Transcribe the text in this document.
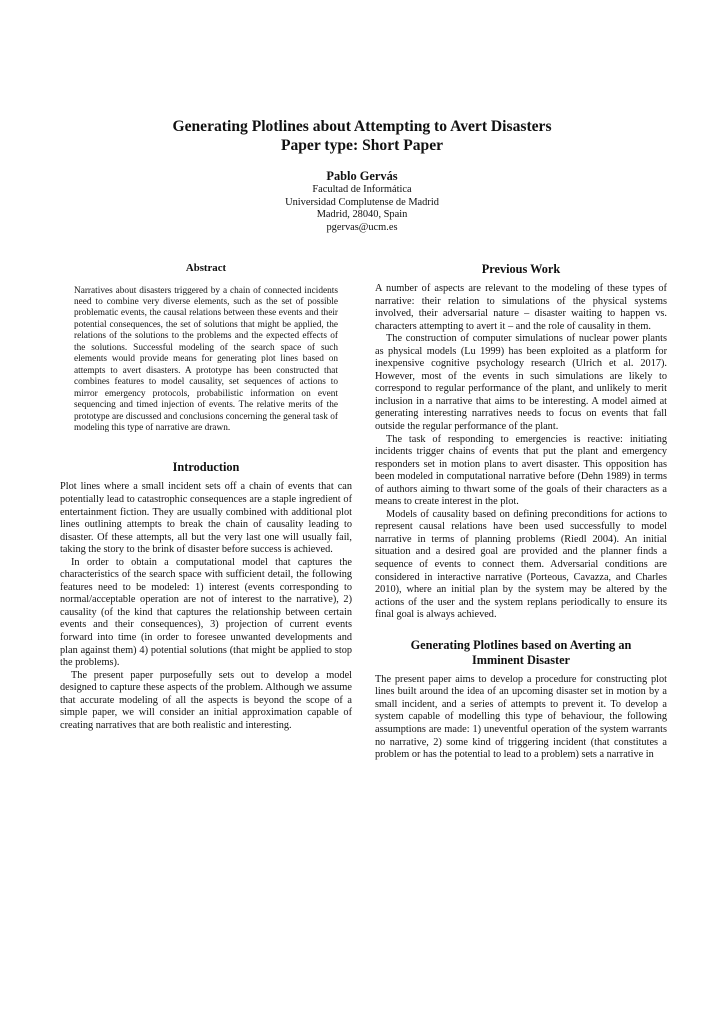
Generating Plotlines about Attempting to Avert Disasters
Paper type: Short Paper
Pablo Gervás
Facultad de Informática
Universidad Complutense de Madrid
Madrid, 28040, Spain
pgervas@ucm.es
Abstract
Narratives about disasters triggered by a chain of connected incidents need to combine very diverse elements, such as the set of possible problematic events, the causal relations between these events and their potential consequences, the set of solutions that might be applied, the relations of the solutions to the problems and the expected effects of the solutions. Successful modeling of the search space of such elements would provide means for generating plot lines based on attempts to avert disasters. A prototype has been constructed that combines features to model causality, set sequences of actions to mirror emergency protocols, probabilistic information on event sequencing and timed injection of events. The relative merits of the prototype are discussed and conclusions concerning the general task of modeling this type of narrative are drawn.
Introduction

Plot lines where a small incident sets off a chain of events that can potentially lead to catastrophic consequences are a staple ingredient of entertainment fiction. They are usually combined with additional plot lines outlining attempts to break the chain of causality leading to disaster. Of these attempts, all but the very last one will usually fail, taking the story to the brink of disaster before success is achieved.

In order to obtain a computational model that captures the characteristics of the search space with sufficient detail, the following features need to be modeled: 1) interest (events corresponding to normal/acceptable operation are not of interest to the narrative), 2) causality (of the kind that captures the relationship between certain events and their consequences), 3) projection of current events forward into time (in order to foresee unwanted developments and plan against them) 4) potential solutions (that might be applied to stop the problems).

The present paper purposefully sets out to develop a model designed to capture these aspects of the problem. Although we assume that accurate modeling of all the aspects is beyond the scope of a simple paper, we will consider an initial approximation capable of creating narratives that are both realistic and interesting.

Previous Work

A number of aspects are relevant to the modeling of these types of narrative: their relation to simulations of the physical systems involved, their adversarial nature – disaster waiting to happen vs. characters attempting to avert it – and the role of causality in them.

The construction of computer simulations of nuclear power plants as physical models (Lu 1999) has been exploited as a platform for inexpensive cognitive psychology research (Ulrich et al. 2017). However, most of the events in such simulations are likely to correspond to regular performance of the plant, and unlikely to merit inclusion in a narrative that aims to be interesting. A model aimed at generating interesting narratives needs to focus on events that fall outside the regular performance of the plant.

The task of responding to emergencies is reactive: initiating incidents trigger chains of events that put the plant and emergency responders set in motion plans to avert disaster. This opposition has been modeled in computational narrative before (Dehn 1989) in terms of authors aiming to thwart some of the goals of their characters as a means to create interest in the plot.

Models of causality based on defining preconditions for actions to represent causal relations have been used successfully to model narrative in terms of planning problems (Riedl 2004). An initial situation and a desired goal are provided and the planner finds a sequence of events to connect them. Adversarial conditions are considered in interactive narrative (Porteous, Cavazza, and Charles 2010), where an initial plan by the system may be altered by the actions of the user and the system replans periodically to ensure its final goal is always achieved.

Generating Plotlines based on Averting an
Imminent Disaster

The present paper aims to develop a procedure for constructing plot lines built around the idea of an upcoming disaster set in motion by a small incident, and a series of attempts to prevent it. To develop a system capable of modelling this type of behaviour, the following assumptions are made: 1) uneventful operation of the system warrants no narrative, 2) some kind of triggering incident (that constitutes a problem or has the potential to lead to a problem) sets a narrative in
